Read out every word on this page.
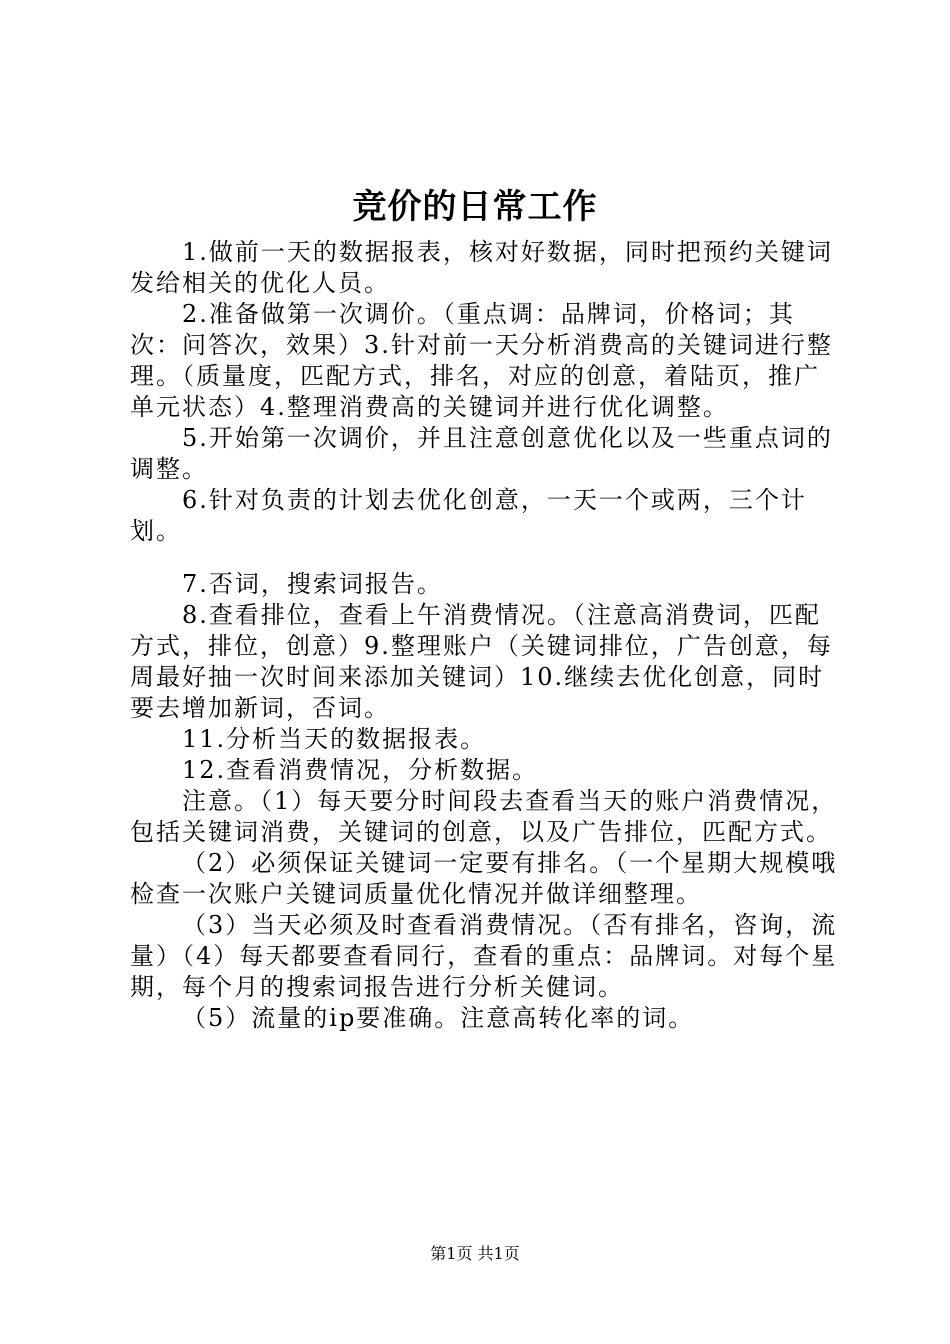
竞价的日常工作

1.做前一天的数据报表，核对好数据，同时把预约关键词发给相关的优化人员。

2.准备做第一次调价。（重点调：品牌词，价格词；其次：问答次，效果）3.针对前一天分析消费高的关键词进行整理。（质量度，匹配方式，排名，对应的创意，着陆页，推广单元状态）4.整理消费高的关键词并进行优化调整。

5.开始第一次调价，并且注意创意优化以及一些重点词的调整。

6.针对负责的计划去优化创意，一天一个或两，三个计划。

7.否词，搜索词报告。

8.查看排位，查看上午消费情况。（注意高消费词，匹配方式，排位，创意）9.整理账户（关键词排位，广告创意，每周最好抽一次时间来添加关键词）10.继续去优化创意，同时要去增加新词，否词。

11.分析当天的数据报表。

12.查看消费情况，分析数据。

注意。（1）每天要分时间段去查看当天的账户消费情况，包括关键词消费，关键词的创意，以及广告排位，匹配方式。

（2）必须保证关键词一定要有排名。（一个星期大规模哦检查一次账户关键词质量优化情况并做详细整理。

（3）当天必须及时查看消费情况。（否有排名，咨询，流量）（4）每天都要查看同行，查看的重点：品牌词。对每个星期，每个月的搜索词报告进行分析关健词。

（5）流量的ip要准确。注意高转化率的词。

第1页 共1页
